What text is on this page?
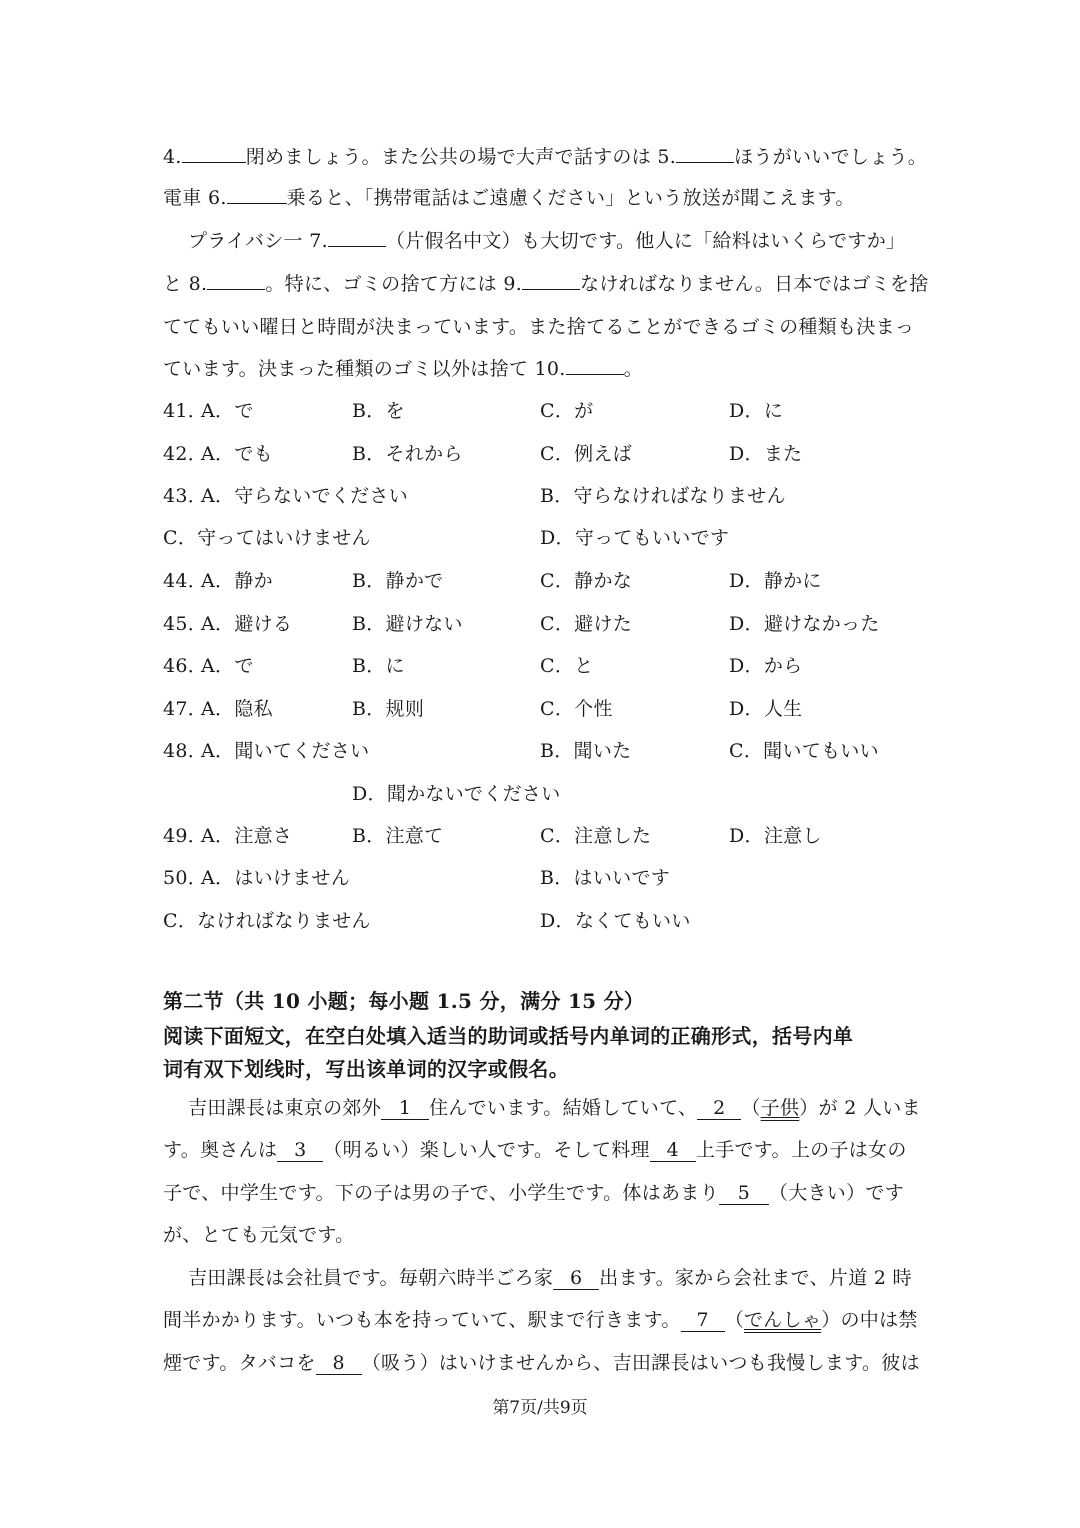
4.	閉めましょう。また公共の場で大声で話すのは 5.	ほうがいいでしょう。
電車 6.	乗ると、「携帯電話はご遠慮ください」という放送が聞こえます。
プライバシ一 7.	（片假名中文）も大切です。他人に「給料はいくらですか」
と 8.	。特に、ゴミの捨て方には 9.	なければなりません。日本ではゴミを捨
ててもいい曜日と時間が決まっています。また捨てることができるゴミの種類も決まっ
ています。決まった種類のゴミ以外は捨て 10.	。
41．
A．で	B．を	C．が	D．に
42．
A．でも	B．それから	C．例えば	D．また
43．
A．守らないでください	B．守らなければなりません
C．守ってはいけません	D．守ってもいいです
44．
A．静か	B．静かで	C．静かな	D．静かに
45．
A．避ける	B．避けない	C．避けた	D．避けなかった
46．
A．で	B．に	C．と	D．から
47．
A．隐私	B．规则	C．个性	D．人生
48．
A．聞いてください	B．聞いた	C．聞いてもいい
D．聞かないでください
49．
A．注意さ	B．注意て	C．注意した	D．注意し
50．
A．はいけません	B．はいいです
C．なければなりません	D．なくてもいい
第二节（共 10 小题；每小题 1.5 分，满分 15 分）
阅读下面短文，在空白处填入适当的助词或括号内单词的正确形式，括号内单
词有双下划线时，写出该单词的汉字或假名。
吉田課長は東京の郊外 1 住んでいます。結婚していて、 2 （子供）が 2 人いま
す。奥さんは 3 （明るい）楽しい人です。そして料理 4 上手です。上の子は女の
子で、中学生です。下の子は男の子で、小学生です。体はあまり 5 （大きい）です
が、とても元気です。
吉田課長は会社員です。毎朝六時半ごろ家 6 出ます。家から会社まで、片道 2 時
間半かかります。いつも本を持っていて、駅まで行きます。 7 （でんしゃ）の中は禁
煙です。タバコを 8 （吸う）はいけませんから、吉田課長はいつも我慢します。彼は
第7页/共9页
